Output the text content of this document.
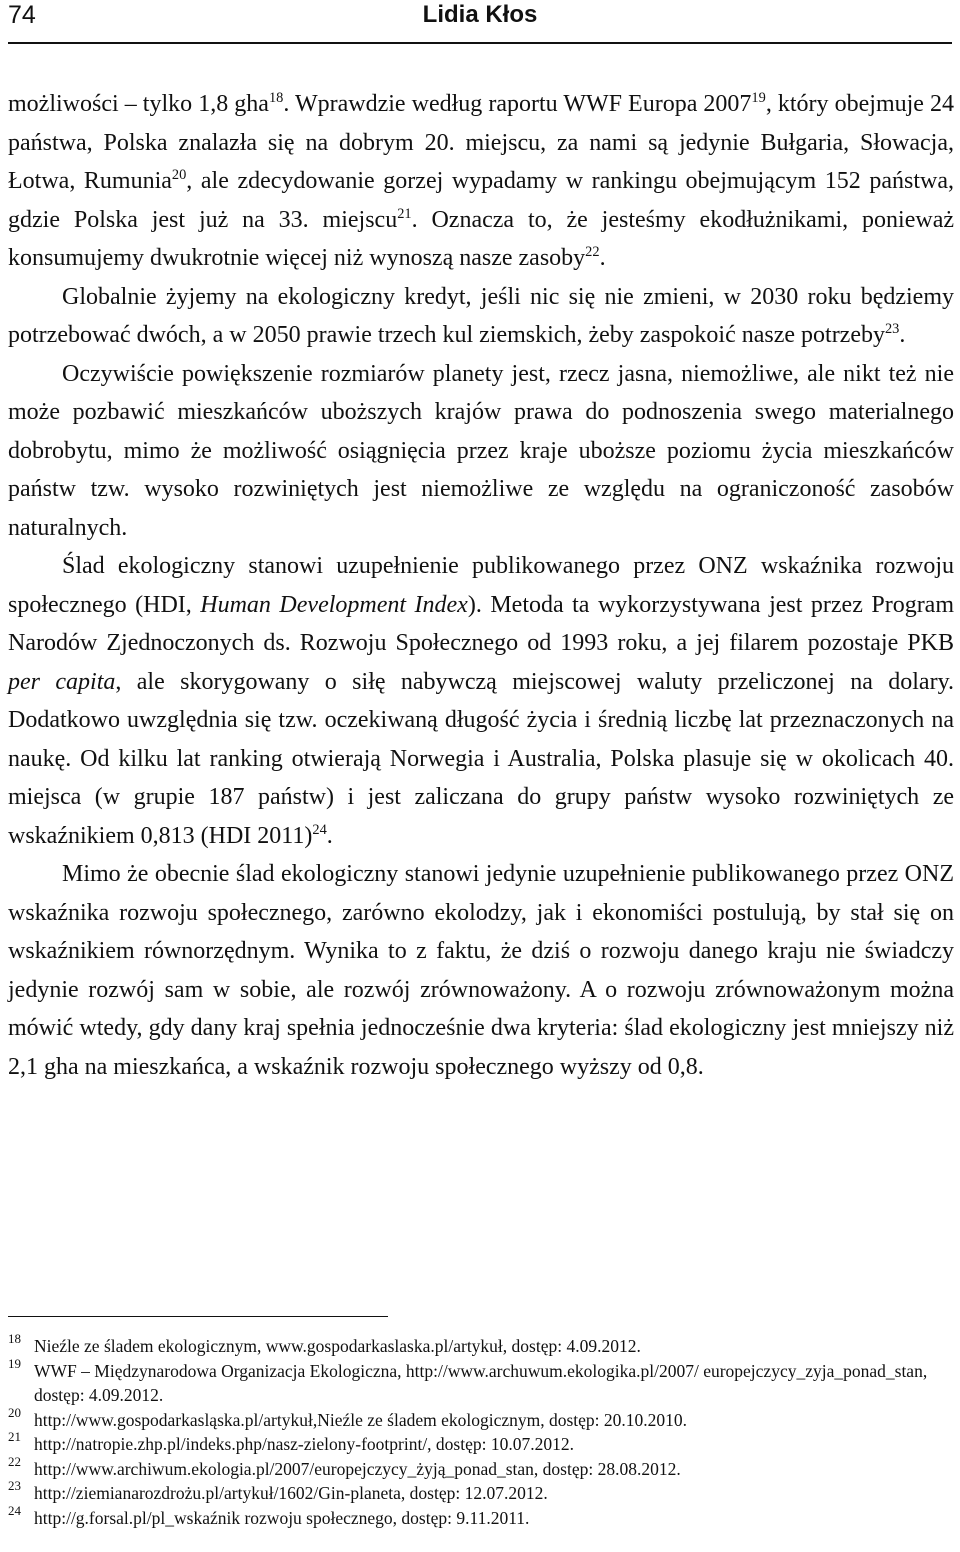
74	Lidia Kłos

możliwości – tylko 1,8 gha$^{18}$. Wprawdzie według raportu WWF Europa 2007$^{19}$, który obejmuje 24 państwa, Polska znalazła się na dobrym 20. miejscu, za nami są jedynie Bułgaria, Słowacja, Łotwa, Rumunia$^{20}$, ale zdecydowanie gorzej wypadamy w rankingu obejmującym 152 państwa, gdzie Polska jest już na 33. miejscu$^{21}$. Oznacza to, że jesteśmy ekodłużnikami, ponieważ konsumujemy dwukrotnie więcej niż wynoszą nasze zasoby$^{22}$.

Globalnie żyjemy na ekologiczny kredyt, jeśli nic się nie zmieni, w 2030 roku będziemy potrzebować dwóch, a w 2050 prawie trzech kul ziemskich, żeby zaspokoić nasze potrzeby$^{23}$.

Oczywiście powiększenie rozmiarów planety jest, rzecz jasna, niemożliwe, ale nikt też nie może pozbawić mieszkańców uboższych krajów prawa do podnoszenia swego materialnego dobrobytu, mimo że możliwość osiągnięcia przez kraje uboższe poziomu życia mieszkańców państw tzw. wysoko rozwiniętych jest niemożliwe ze względu na ograniczoność zasobów naturalnych.

Ślad ekologiczny stanowi uzupełnienie publikowanego przez ONZ wskaźnika rozwoju społecznego (HDI, Human Development Index). Metoda ta wykorzystywana jest przez Program Narodów Zjednoczonych ds. Rozwoju Społecznego od 1993 roku, a jej filarem pozostaje PKB per capita, ale skorygowany o siłę nabywczą miejscowej waluty przeliczonej na dolary. Dodatkowo uwzględnia się tzw. oczekiwaną długość życia i średnią liczbę lat przeznaczonych na naukę. Od kilku lat ranking otwierają Norwegia i Australia, Polska plasuje się w okolicach 40. miejsca (w grupie 187 państw) i jest zaliczana do grupy państw wysoko rozwiniętych ze wskaźnikiem 0,813 (HDI 2011)$^{24}$.

Mimo że obecnie ślad ekologiczny stanowi jedynie uzupełnienie publikowanego przez ONZ wskaźnika rozwoju społecznego, zarówno ekolodzy, jak i ekonomiści postulują, by stał się on wskaźnikiem równorzędnym. Wynika to z faktu, że dziś o rozwoju danego kraju nie świadczy jedynie rozwój sam w sobie, ale rozwój zrównoważony. A o rozwoju zrównoważonym można mówić wtedy, gdy dany kraj spełnia jednocześnie dwa kryteria: ślad ekologiczny jest mniejszy niż 2,1 gha na mieszkańca, a wskaźnik rozwoju społecznego wyższy od 0,8.

18 Nieźle ze śladem ekologicznym, www.gospodarkaslaska.pl/artykuł, dostęp: 4.09.2012.
19 WWF – Międzynarodowa Organizacja Ekologiczna, http://www.archuwum.ekologika.pl/2007/ europejczycy_zyja_ponad_stan, dostęp: 4.09.2012.
20 http://www.gospodarkasląska.pl/artykuł,Nieźle ze śladem ekologicznym, dostęp: 20.10.2010.
21 http://natropie.zhp.pl/indeks.php/nasz-zielony-footprint/, dostęp: 10.07.2012.
22 http://www.archiwum.ekologia.pl/2007/europejczycy_żyją_ponad_stan, dostęp: 28.08.2012.
23 http://ziemianarozdrożu.pl/artykuł/1602/Gin-planeta, dostęp: 12.07.2012.
24 http://g.forsal.pl/pl_wskaźnik rozwoju społecznego, dostęp: 9.11.2011.
